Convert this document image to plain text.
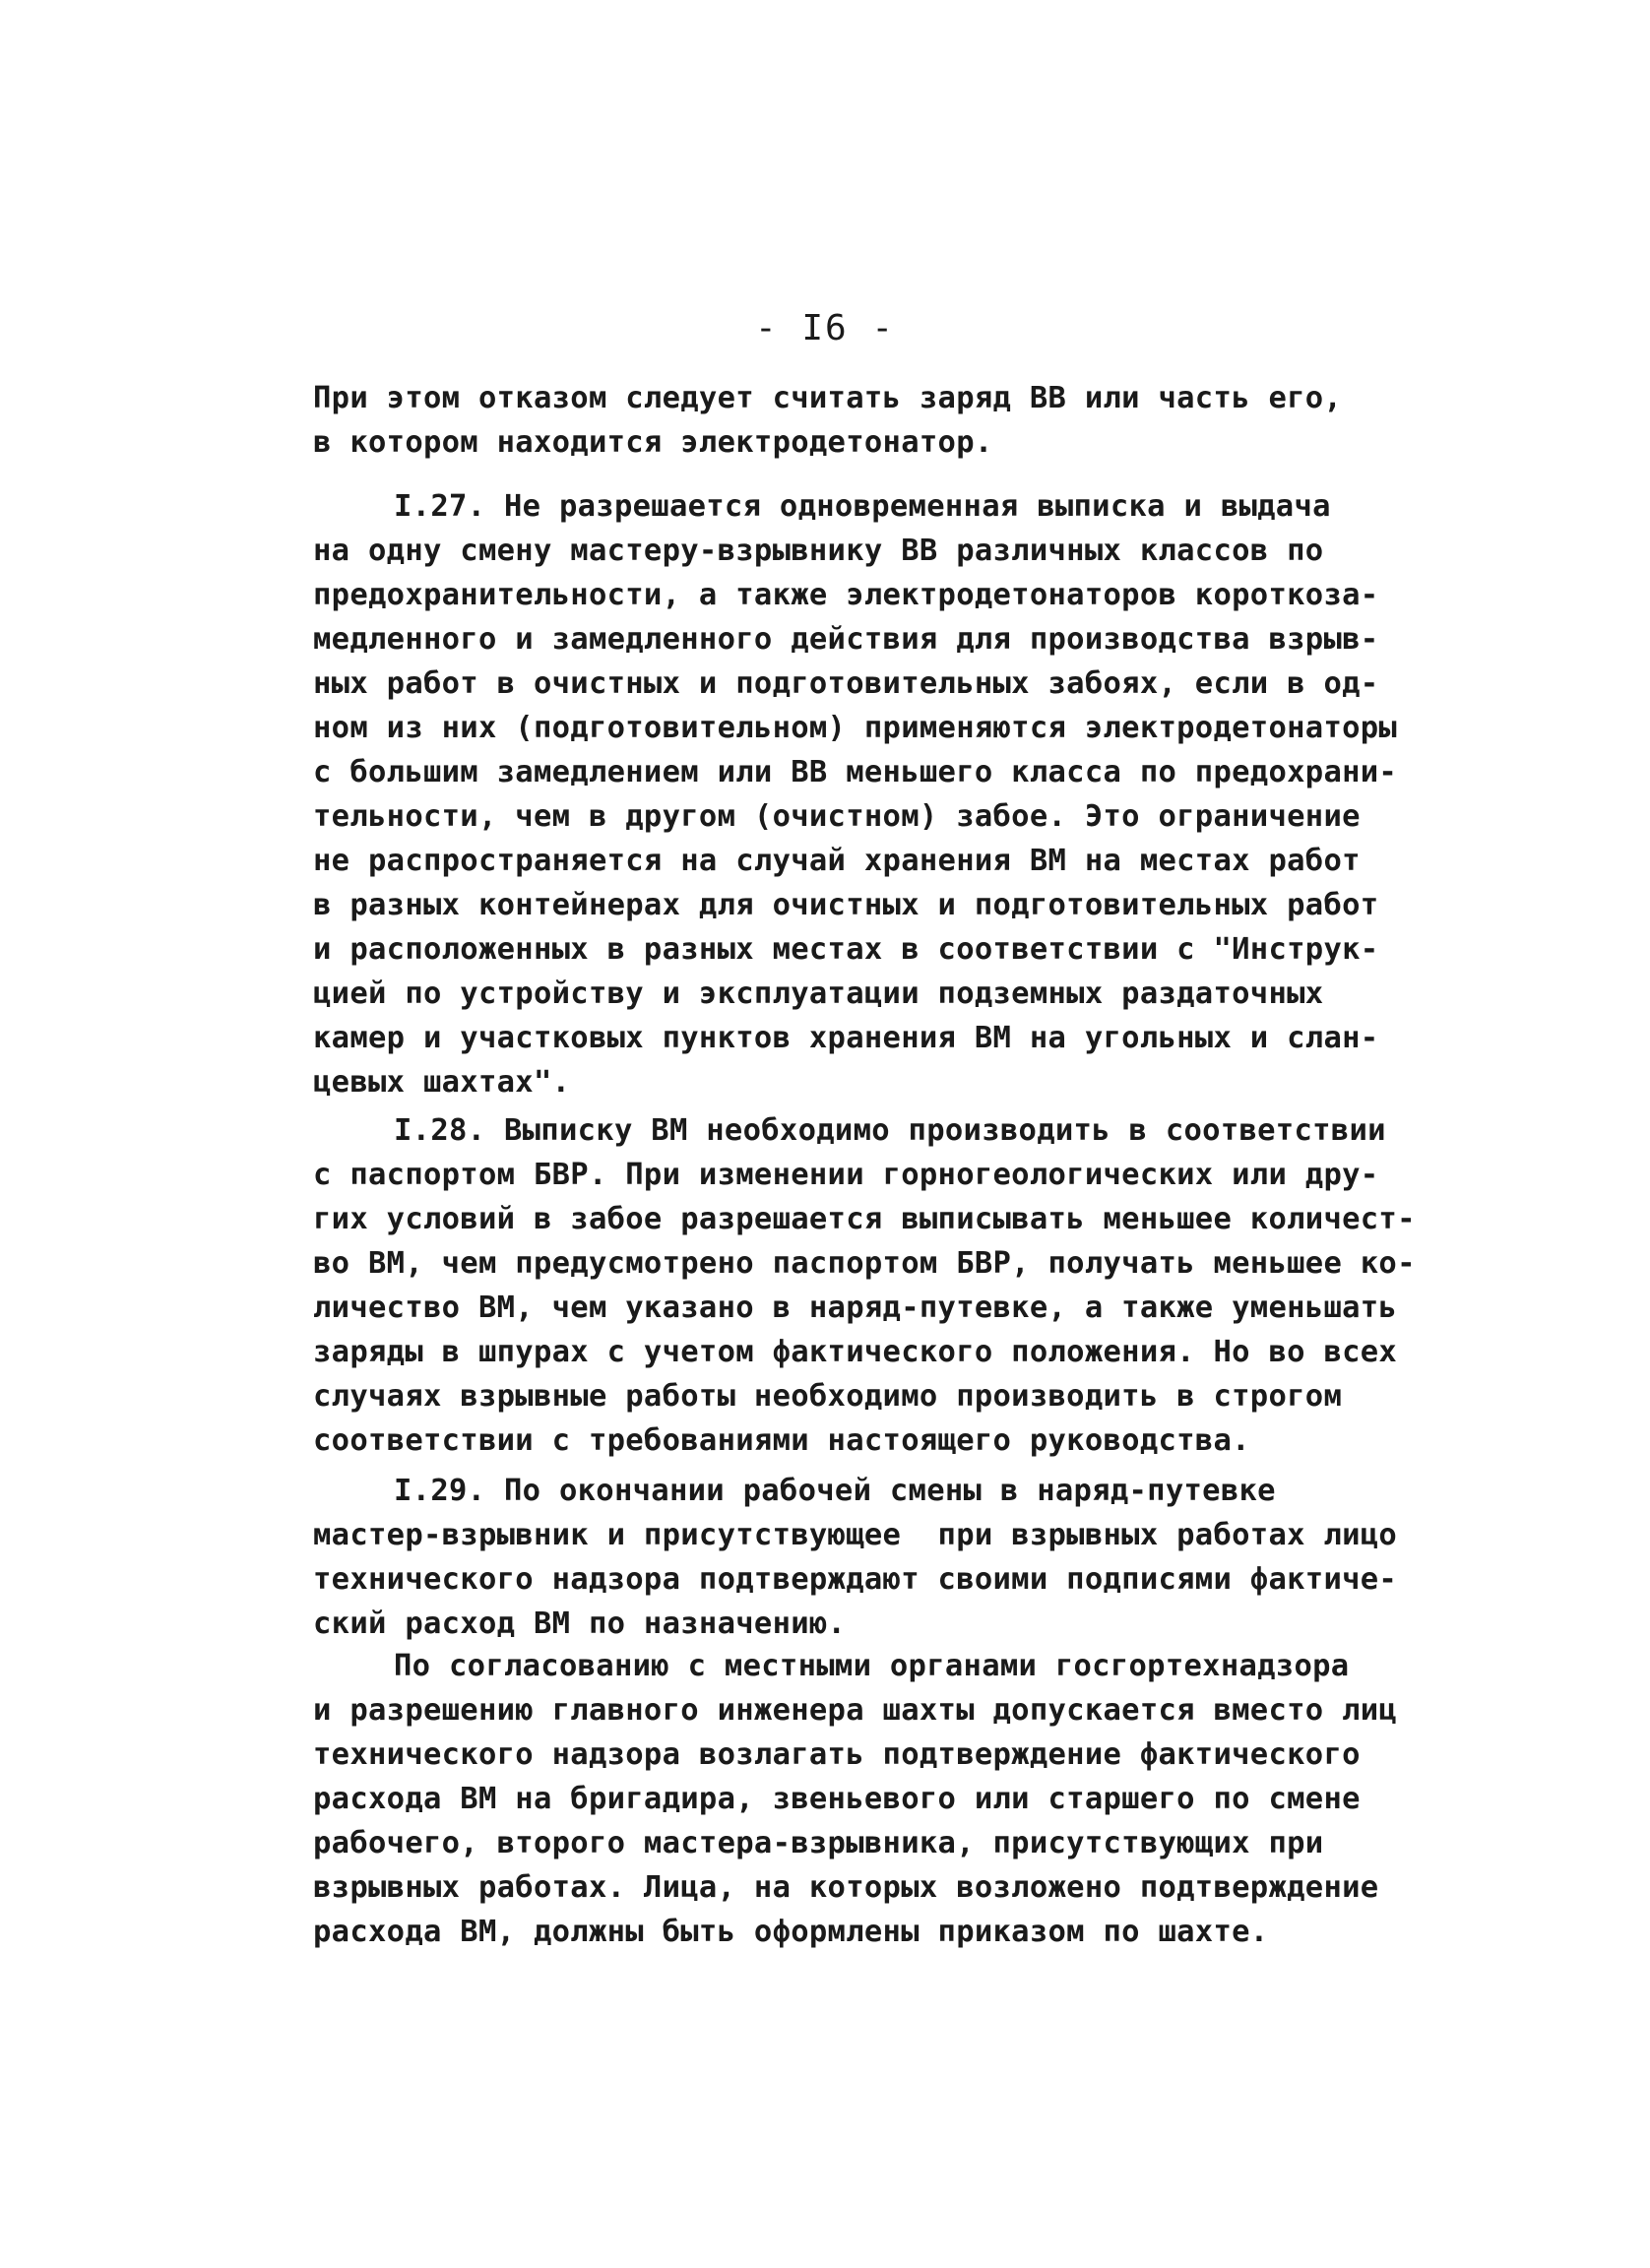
- I6 -
При этом отказом следует считать заряд ВВ или часть его,
в котором находится электродетонатор.
I.27. Не разрешается одновременная выписка и выдача
на одну смену мастеру-взрывнику ВВ различных классов по
предохранительности, а также электродетонаторов короткоза-
медленного и замедленного действия для производства взрыв-
ных работ в очистных и подготовительных забоях, если в од-
ном из них (подготовительном) применяются электродетонаторы
с большим замедлением или ВВ меньшего класса по предохрани-
тельности, чем в другом (очистном) забое. Это ограничение
не распространяется на случай хранения ВМ на местах работ
в разных контейнерах для очистных и подготовительных работ
и расположенных в разных местах в соответствии с "Инструк-
цией по устройству и эксплуатации подземных раздаточных
камер и участковых пунктов хранения ВМ на угольных и слан-
цевых шахтах".
I.28. Выписку ВМ необходимо производить в соответствии
с паспортом БВР. При изменении горногеологических или дру-
гих условий в забое разрешается выписывать меньшее количест-
во ВМ, чем предусмотрено паспортом БВР, получать меньшее ко-
личество ВМ, чем указано в наряд-путевке, а также уменьшать
заряды в шпурах с учетом фактического положения. Но во всех
случаях взрывные работы необходимо производить в строгом
соответствии с требованиями настоящего руководства.
I.29. По окончании рабочей смены в наряд-путевке
мастер-взрывник и присутствующее  при взрывных работах лицо
технического надзора подтверждают своими подписями фактиче-
ский расход ВМ по назначению.
По согласованию с местными органами госгортехнадзора
и разрешению главного инженера шахты допускается вместо лиц
технического надзора возлагать подтверждение фактического
расхода ВМ на бригадира, звеньевого или старшего по смене
рабочего, второго мастера-взрывника, присутствующих при
взрывных работах. Лица, на которых возложено подтверждение
расхода ВМ, должны быть оформлены приказом по шахте.
